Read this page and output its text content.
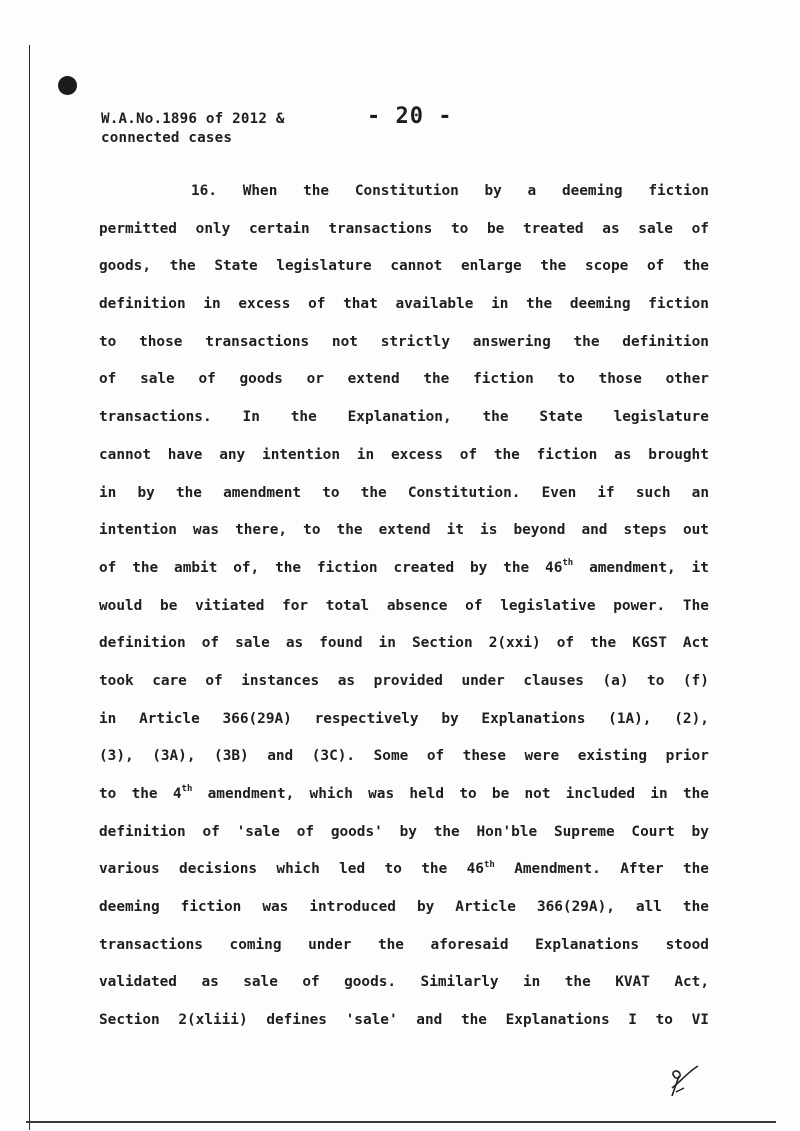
W.A.No.1896 of 2012 &
connected cases
- 20 -
16. When the Constitution by a deeming fiction
permitted only certain transactions to be treated as sale of
goods, the State legislature cannot enlarge the scope of the
definition in excess of that available in the deeming fiction
to those transactions not strictly answering the definition
of sale of goods or extend the fiction to those other
transactions. In the Explanation, the State legislature
cannot have any intention in excess of the fiction as brought
in by the amendment to the Constitution. Even if such an
intention was there, to the extend it is beyond and steps out
of the ambit of, the fiction created by the 46th amendment, it
would be vitiated for total absence of legislative power. The
definition of sale as found in Section 2(xxi) of the KGST Act
took care of instances as provided under clauses (a) to (f)
in Article 366(29A) respectively by Explanations (1A), (2),
(3), (3A), (3B) and (3C). Some of these were existing prior
to the 4th amendment, which was held to be not included in the
definition of 'sale of goods' by the Hon'ble Supreme Court by
various decisions which led to the 46th Amendment. After the
deeming fiction was introduced by Article 366(29A), all the
transactions coming under the aforesaid Explanations stood
validated as sale of goods. Similarly in the KVAT Act,
Section 2(xliii) defines 'sale' and the Explanations I to VI
